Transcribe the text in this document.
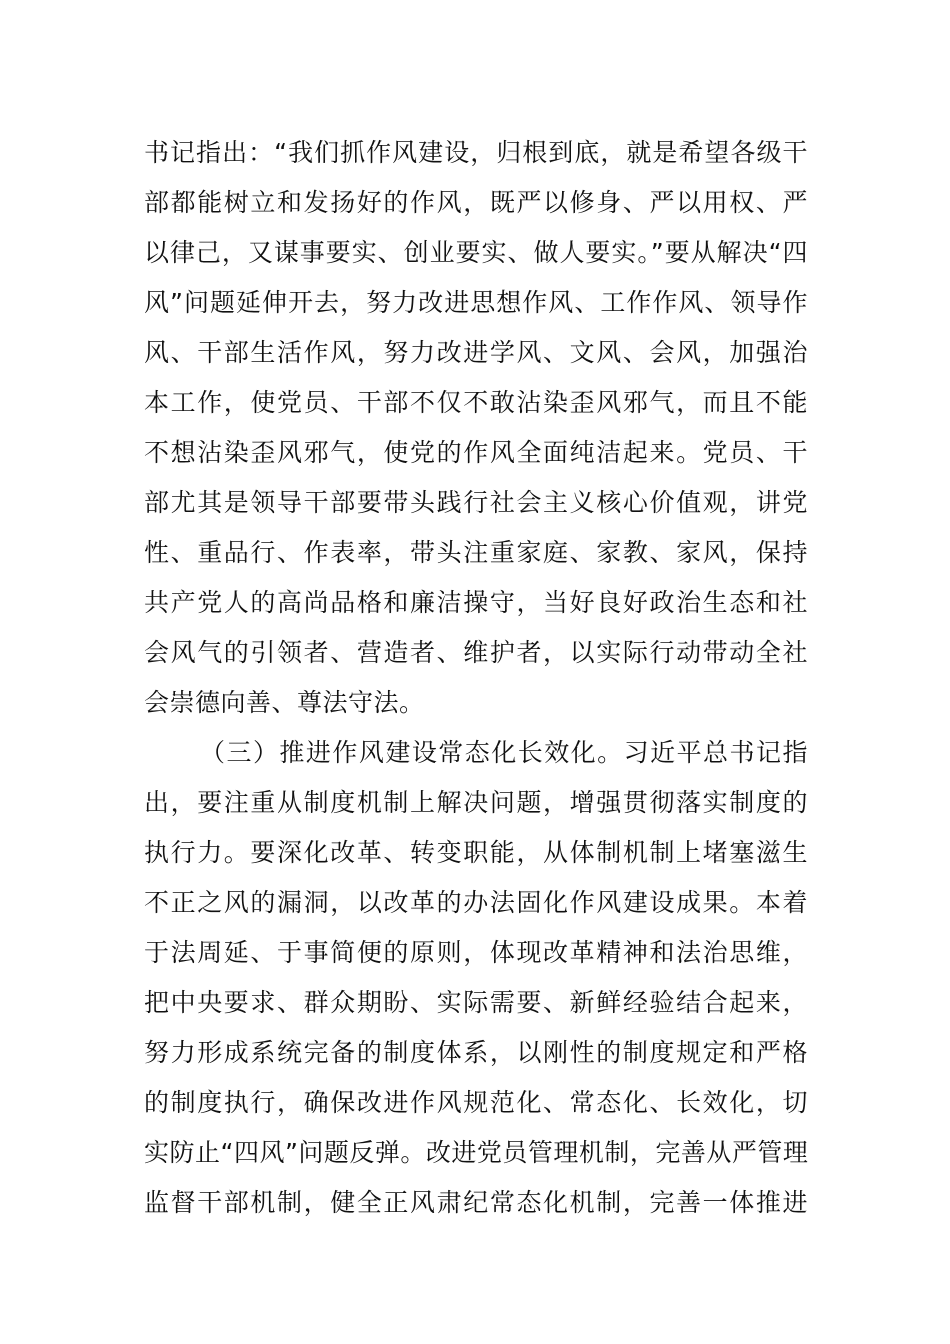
书记指出：“我们抓作风建设，归根到底，就是希望各级干
部都能树立和发扬好的作风，既严以修身、严以用权、严
以律己，又谋事要实、创业要实、做人要实。”要从解决“四
风”问题延伸开去，努力改进思想作风、工作作风、领导作
风、干部生活作风，努力改进学风、文风、会风，加强治
本工作，使党员、干部不仅不敢沾染歪风邪气，而且不能
不想沾染歪风邪气，使党的作风全面纯洁起来。党员、干
部尤其是领导干部要带头践行社会主义核心价值观，讲党
性、重品行、作表率，带头注重家庭、家教、家风，保持
共产党人的高尚品格和廉洁操守，当好良好政治生态和社
会风气的引领者、营造者、维护者，以实际行动带动全社
会崇德向善、尊法守法。
（三）推进作风建设常态化长效化。习近平总书记指
出，要注重从制度机制上解决问题，增强贯彻落实制度的
执行力。要深化改革、转变职能，从体制机制上堵塞滋生
不正之风的漏洞，以改革的办法固化作风建设成果。本着
于法周延、于事简便的原则，体现改革精神和法治思维，
把中央要求、群众期盼、实际需要、新鲜经验结合起来，
努力形成系统完备的制度体系，以刚性的制度规定和严格
的制度执行，确保改进作风规范化、常态化、长效化，切
实防止“四风”问题反弹。改进党员管理机制，完善从严管理
监督干部机制，健全正风肃纪常态化机制，完善一体推进
